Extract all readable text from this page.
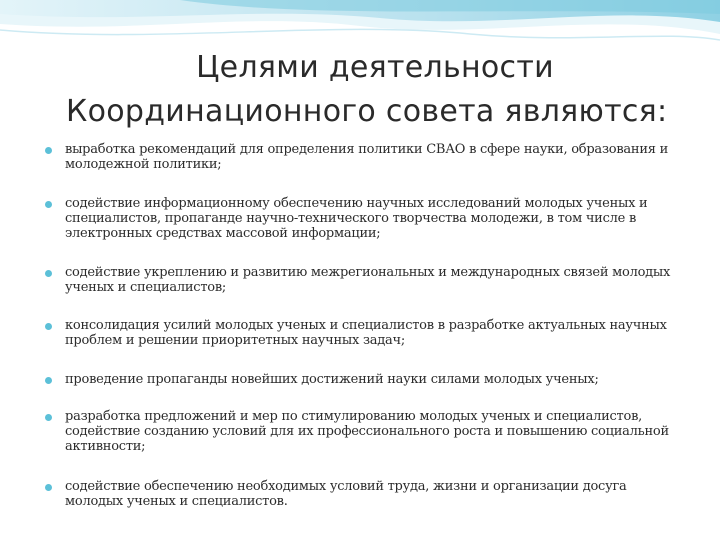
Целями деятельности
Координационного совета являются:
выработка рекомендаций для определения политики СВАО в сфере науки, образования и молодежной политики;
содействие информационному обеспечению научных исследований молодых ученых и специалистов, пропаганде научно-технического творчества молодежи, в том числе в электронных средствах массовой информации;
содействие укреплению и развитию межрегиональных и международных связей молодых ученых и специалистов;
консолидация усилий молодых ученых и специалистов в разработке актуальных научных проблем и решении приоритетных научных задач;
проведение пропаганды новейших достижений науки силами молодых ученых;
разработка предложений и мер по стимулированию молодых ученых и специалистов, содействие созданию условий для их профессионального роста и повышению социальной активности;
содействие обеспечению необходимых условий труда, жизни и организации досуга молодых ученых и специалистов.
